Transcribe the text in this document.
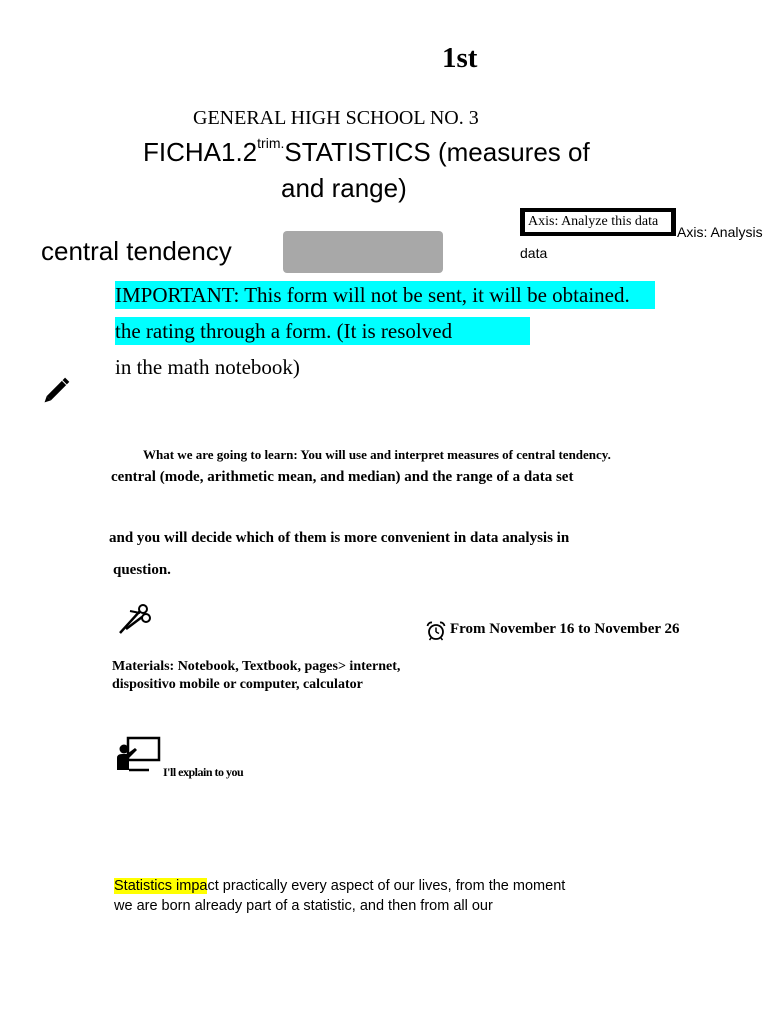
1st
GENERAL HIGH SCHOOL NO. 3
$FICHA1.2^{trim.}STATISTICS$ (measures of
and range)
central tendency
Axis: Analyze this data
Axis: Analysis
data
IMPORTANT: This form will not be sent, it will be obtained.
the rating through a form. (It is resolved
in the math notebook)
What we are going to learn: You will use and interpret measures of central tendency.
central (mode, arithmetic mean, and median) and the range of a data set
and you will decide which of them is more convenient in data analysis in
question.
From November 16 to November 26
Materials: Notebook, Textbook, pages> internet, dispositivo mobile or computer, calculator
I'll explain to you
Statistics impact practically every aspect of our lives, from the moment
we are born already part of a statistic, and then from all our
